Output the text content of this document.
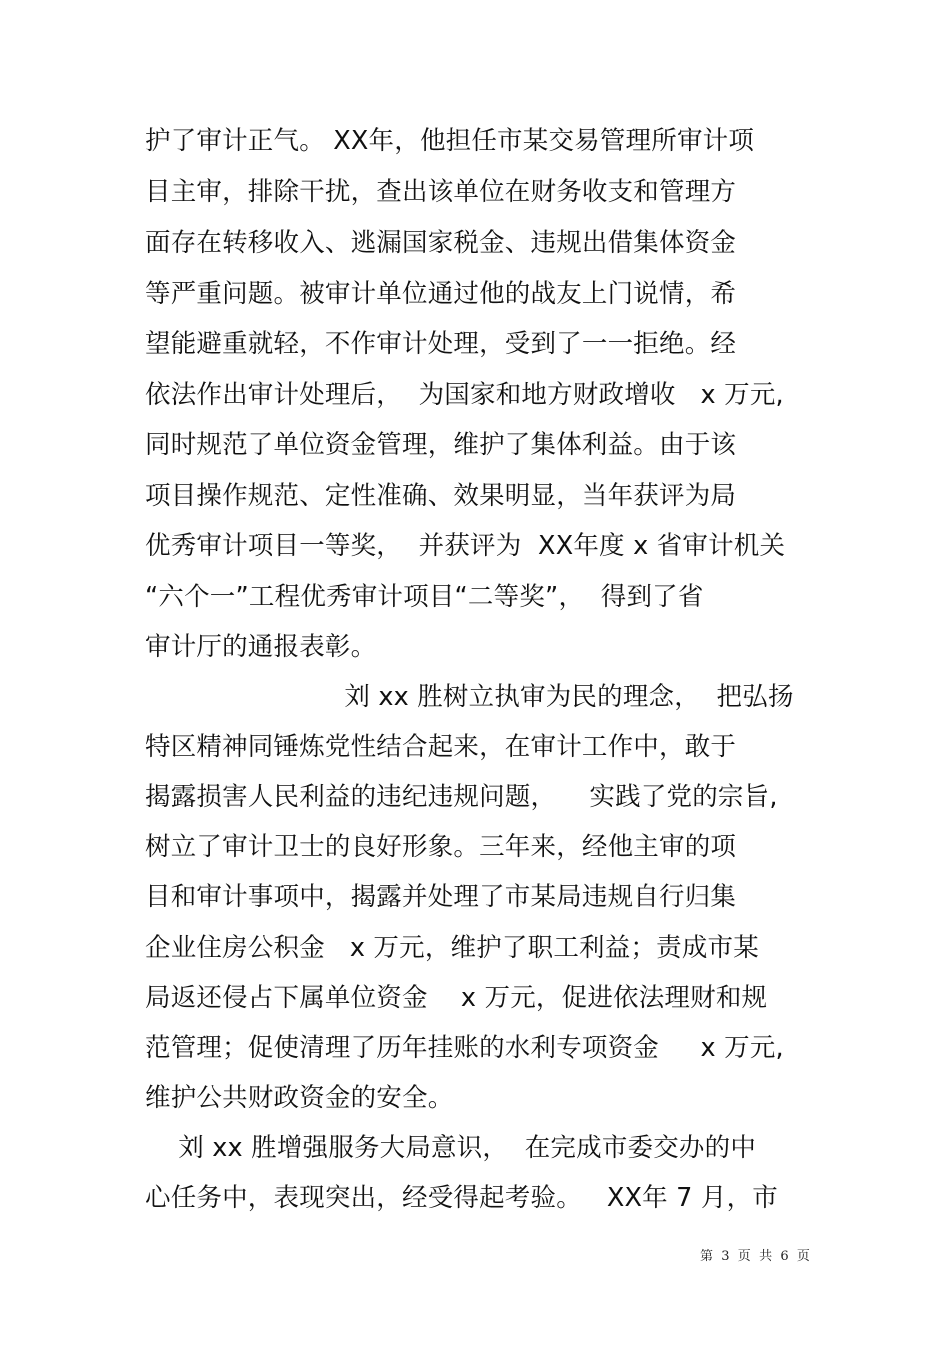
护了审计正气。 XX年，他担任市某交易管理所审计项
目主审，排除干扰，查出该单位在财务收支和管理方
面存在转移收入、逃漏国家税金、违规出借集体资金
等严重问题。被审计单位通过他的战友上门说情，希
望能避重就轻，不作审计处理，受到了一一拒绝。经
依法作出审计处理后，  为国家和地方财政增收   x 万元,
同时规范了单位资金管理，维护了集体利益。由于该
项目操作规范、定性准确、效果明显，当年获评为局
优秀审计项目一等奖，  并获评为  XX年度 x 省审计机关
“六个一”工程优秀审计项目“二等奖”，  得到了省
审计厅的通报表彰。
刘 xx 胜树立执审为民的理念，  把弘扬
特区精神同锤炼党性结合起来，在审计工作中，敢于
揭露损害人民利益的违纪违规问题，    实践了党的宗旨,
树立了审计卫士的良好形象。三年来，经他主审的项
目和审计事项中，揭露并处理了市某局违规自行归集
企业住房公积金   x 万元，维护了职工利益；责成市某
局返还侵占下属单位资金    x 万元，促进依法理财和规
范管理；促使清理了历年挂账的水利专项资金     x 万元,
维护公共财政资金的安全。
刘 xx 胜增强服务大局意识，  在完成市委交办的中
心任务中，表现突出，经受得起考验。   XX年 7 月，市
第  3  页  共  6  页
